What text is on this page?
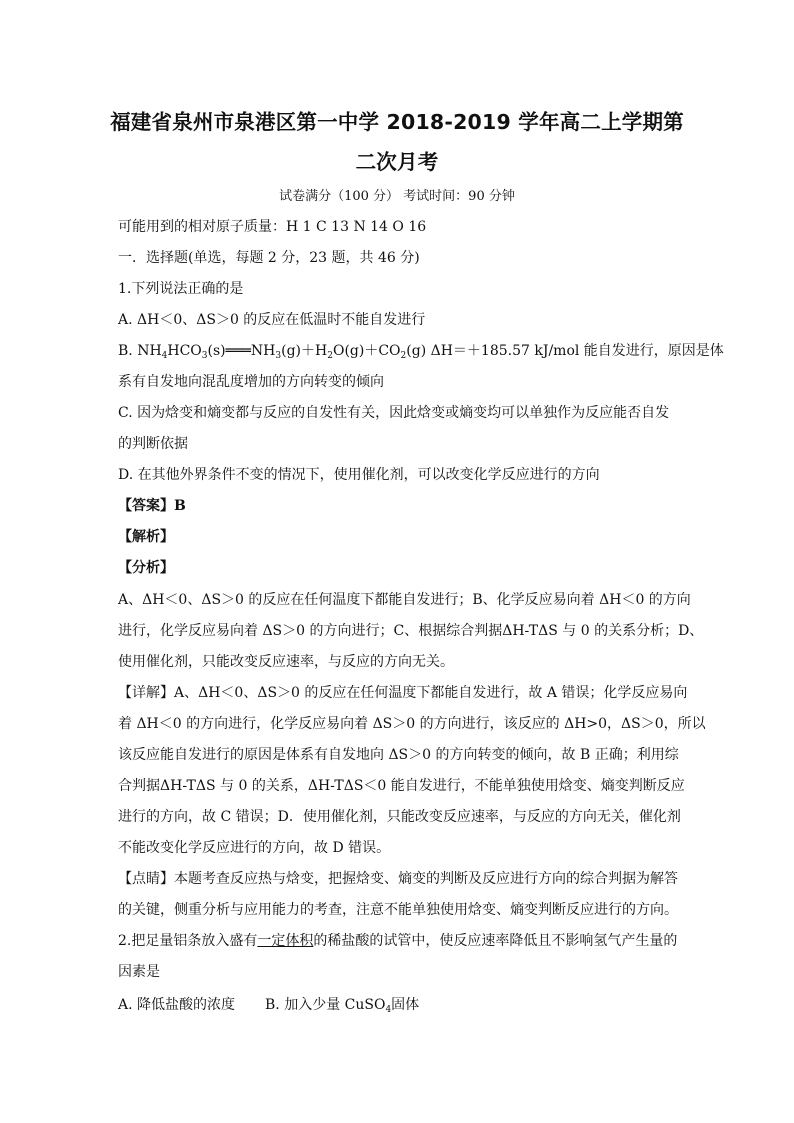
福建省泉州市泉港区第一中学 2018-2019 学年高二上学期第
二次月考
试卷满分（100 分） 考试时间：90 分钟
可能用到的相对原子质量：H 1 C 13 N 14 O 16
一．选择题(单选，每题 2 分，23 题，共 46 分)
1.下列说法正确的是
A. ΔH＜0、ΔS＞0 的反应在低温时不能自发进行
B. $NH_4HCO_3(s)═══NH_3(g)+H_2O(g)+CO_2(g)$ ΔH＝＋185.57 kJ/mol 能自发进行，原因是体
系有自发地向混乱度增加的方向转变的倾向
C. 因为焓变和熵变都与反应的自发性有关，因此焓变或熵变均可以单独作为反应能否自发
的判断依据
D. 在其他外界条件不变的情况下，使用催化剂，可以改变化学反应进行的方向
【答案】B
【解析】
【分析】
A、ΔH＜0、ΔS＞0 的反应在任何温度下都能自发进行；B、化学反应易向着 ΔH＜0 的方向
进行，化学反应易向着 ΔS＞0 的方向进行；C、根据综合判据ΔH-TΔS 与 0 的关系分析；D、
使用催化剂，只能改变反应速率，与反应的方向无关。
【详解】A、ΔH＜0、ΔS＞0 的反应在任何温度下都能自发进行，故 A 错误；化学反应易向
着 ΔH＜0 的方向进行，化学反应易向着 ΔS＞0 的方向进行，该反应的 ΔH>0，ΔS＞0，所以
该反应能自发进行的原因是体系有自发地向 ΔS＞0 的方向转变的倾向，故 B 正确；利用综
合判据ΔH-TΔS 与 0 的关系，ΔH-TΔS＜0 能自发进行，不能单独使用焓变、熵变判断反应
进行的方向，故 C 错误；D．使用催化剂，只能改变反应速率，与反应的方向无关，催化剂
不能改变化学反应进行的方向，故 D 错误。
【点睛】本题考查反应热与焓变，把握焓变、熵变的判断及反应进行方向的综合判据为解答
的关键，侧重分析与应用能力的考查，注意不能单独使用焓变、熵变判断反应进行的方向。
2.把足量铝条放入盛有一定体积的稀盐酸的试管中，使反应速率降低且不影响氢气产生量的
因素是
A. 降低盐酸的浓度 B. 加入少量 CuSO$_4$固体
